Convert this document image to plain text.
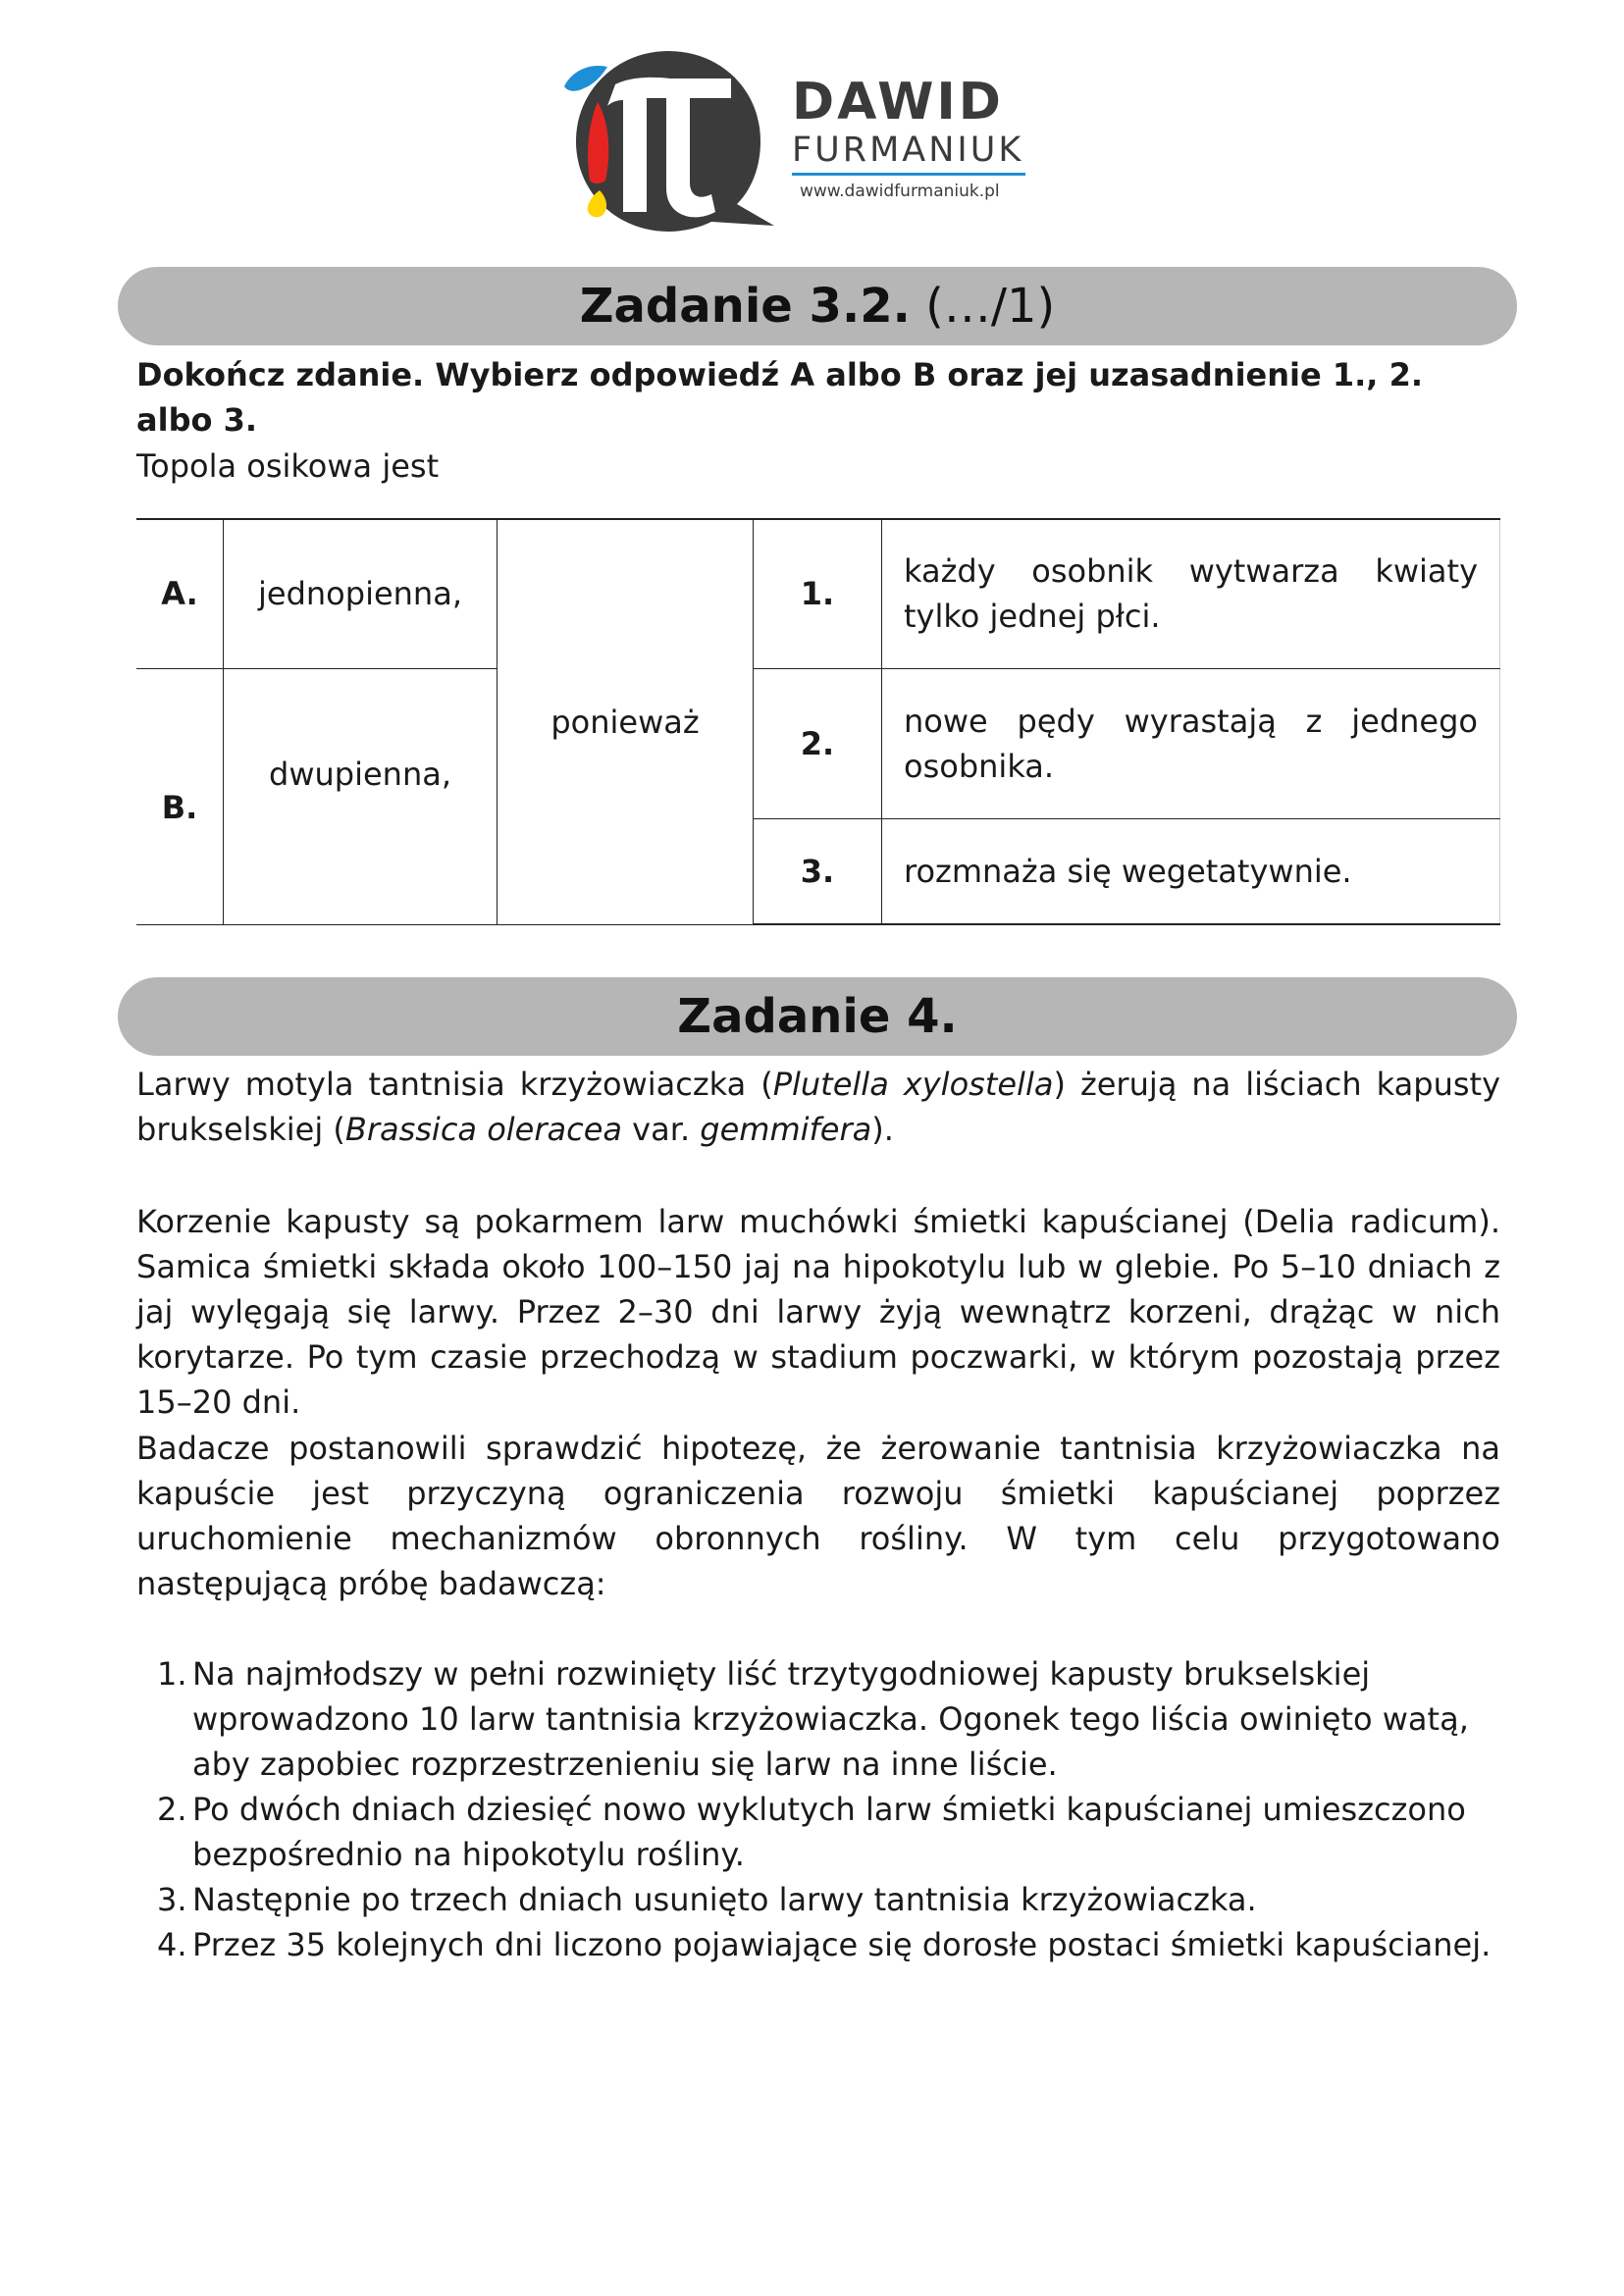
DAWID
FURMANIUK
www.dawidfurmaniuk.pl
Zadanie 3.2. (…/1)
Dokończ zdanie. Wybierz odpowiedź A albo B oraz jej uzasadnienie 1., 2. albo 3.
Topola osikowa jest
A.	jednopienna,	ponieważ	1.	każdy osobnik wytwarza kwiaty tylko jednej płci.
B.	dwupienna,		2.	nowe pędy wyrastają z jednego osobnika.
			3.	rozmnaża się wegetatywnie.
Zadanie 4.
Larwy motyla tantnisia krzyżowiaczka (Plutella xylostella) żerują na liściach kapusty brukselskiej (Brassica oleracea var. gemmifera).
Korzenie kapusty są pokarmem larw muchówki śmietki kapuścianej (Delia radicum). Samica śmietki składa około 100–150 jaj na hipokotylu lub w glebie. Po 5–10 dniach z jaj wylęgają się larwy. Przez 2–30 dni larwy żyją wewnątrz korzeni, drążąc w nich korytarze. Po tym czasie przechodzą w stadium poczwarki, w którym pozostają przez 15–20 dni.
Badacze postanowili sprawdzić hipotezę, że żerowanie tantnisia krzyżowiaczka na kapuście jest przyczyną ograniczenia rozwoju śmietki kapuścianej poprzez uruchomienie mechanizmów obronnych rośliny. W tym celu przygotowano następującą próbę badawczą:
1. Na najmłodszy w pełni rozwinięty liść trzytygodniowej kapusty brukselskiej wprowadzono 10 larw tantnisia krzyżowiaczka. Ogonek tego liścia owinięto watą, aby zapobiec rozprzestrzenieniu się larw na inne liście.
2. Po dwóch dniach dziesięć nowo wyklutych larw śmietki kapuścianej umieszczono bezpośrednio na hipokotylu rośliny.
3. Następnie po trzech dniach usunięto larwy tantnisia krzyżowiaczka.
4. Przez 35 kolejnych dni liczono pojawiające się dorosłe postaci śmietki kapuścianej.
